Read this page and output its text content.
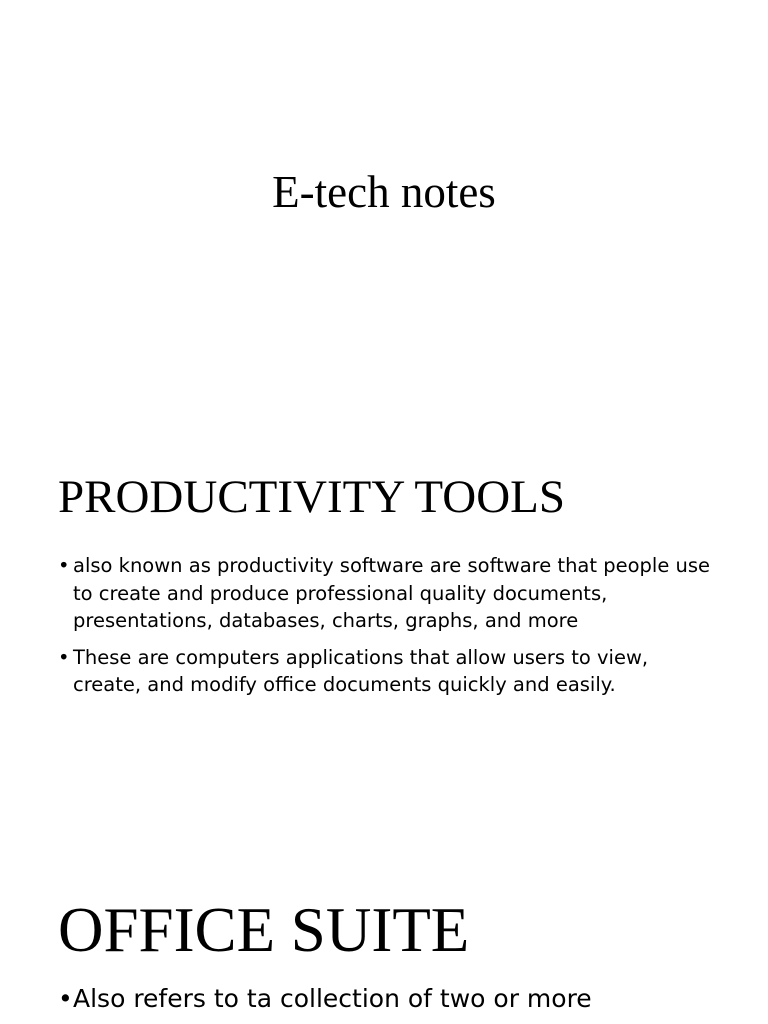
E-tech notes
PRODUCTIVITY TOOLS
• also known as productivity software are software that people use to create and produce professional quality documents, presentations, databases, charts, graphs, and more
• These are computers applications that allow users to view, create, and modify office documents quickly and easily.
OFFICE SUITE
• Also refers to ta collection of two or more
